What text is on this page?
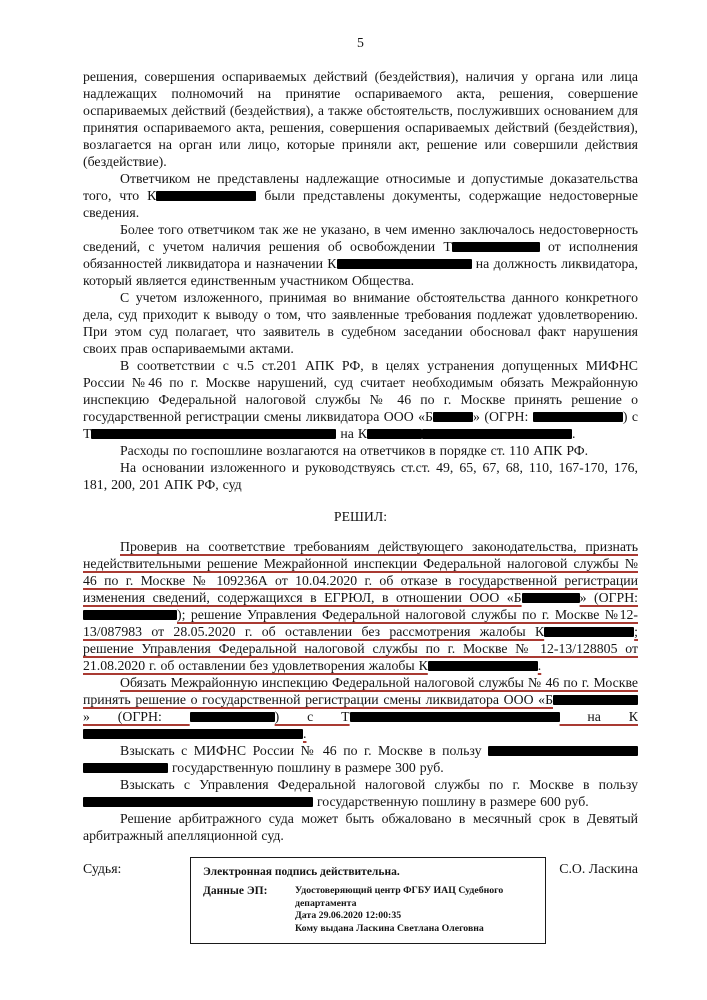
5

решения, совершения оспариваемых действий (бездействия), наличия у органа или лица надлежащих полномочий на принятие оспариваемого акта, решения, совершение оспариваемых действий (бездействия), а также обстоятельств, послуживших основанием для принятия оспариваемого акта, решения, совершения оспариваемых действий (бездействия), возлагается на орган или лицо, которые приняли акт, решение или совершили действия (бездействие).

Ответчиком не представлены надлежащие относимые и допустимые доказательства того, что К	были представлены документы, содержащие недостоверные сведения.

Более того ответчиком так же не указано, в чем именно заключалось недостоверность сведений, с учетом наличия решения об освобождении Т	от исполнения обязанностей ликвидатора и назначении К	на должность ликвидатора, который является единственным участником Общества.

С учетом изложенного, принимая во внимание обстоятельства данного конкретного дела, суд приходит к выводу о том, что заявленные требования подлежат удовлетворению. При этом суд полагает, что заявитель в судебном заседании обосновал факт нарушения своих прав оспариваемыми актами.

В соответствии с ч.5 ст.201 АПК РФ, в целях устранения допущенных МИФНС России №46 по г. Москве нарушений, суд считает необходимым обязать Межрайонную инспекцию Федеральной налоговой службы № 46 по г. Москве принять решение о государственной регистрации смены ликвидатора ООО «Б	» (ОГРН:	) с Т	на К	.

Расходы по госпошлине возлагаются на ответчиков в порядке ст. 110 АПК РФ.

На основании изложенного и руководствуясь ст.ст. 49, 65, 67, 68, 110, 167-170, 176, 181, 200, 201 АПК РФ, суд

РЕШИЛ:

Проверив на соответствие требованиям действующего законодательства, признать недействительными решение Межрайонной инспекции Федеральной налоговой службы № 46 по г. Москве № 109236А от 10.04.2020 г. об отказе в государственной регистрации изменения сведений, содержащихся в ЕГРЮЛ, в отношении ООО «Б	» (ОГРН: ); решение Управления Федеральной налоговой службы по г. Москве №12-13/087983 от 28.05.2020 г. об оставлении без рассмотрения жалобы К	; решение Управления Федеральной налоговой службы по г. Москве № 12-13/128805 от 21.08.2020 г. об оставлении без удовлетворения жалобы К	.

Обязать Межрайонную инспекцию Федеральной налоговой службы № 46 по г. Москве принять решение о государственной регистрации смены ликвидатора ООО «Б» (ОГРН:	) с Т	на К.

Взыскать с МИФНС России № 46 по г. Москве в пользу   государственную пошлину в размере 300 руб.

Взыскать с Управления Федеральной налоговой службы по г. Москве в пользу  государственную пошлину в размере 600 руб.

Решение арбитражного суда может быть обжаловано в месячный срок в Девятый арбитражный апелляционной суд.

Судья:	Электронная подпись действительна.
Данные ЭП:	Удостоверяющий центр ФГБУ ИАЦ Судебного департамента
Дата 29.06.2020 12:00:35
Кому выдана Ласкина Светлана Олеговна
С.О. Ласкина
